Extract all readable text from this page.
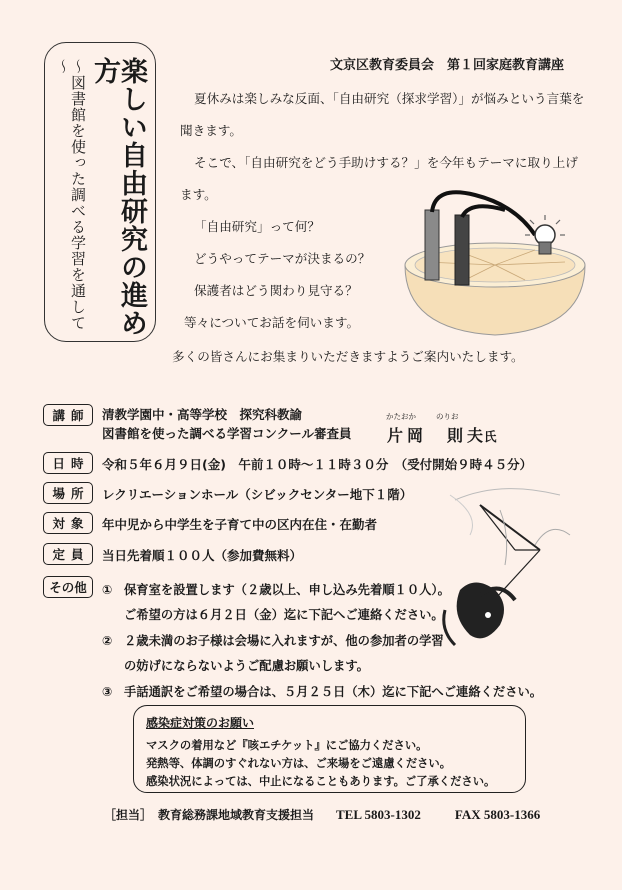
楽しい自由研究の進め方
～図書館を使った調べる学習を通して～	文京区教育委員会　第１回家庭教育講座

夏休みは楽しみな反面、「自由研究（探求学習）」が悩みという言葉を

聞きます。

そこで、「自由研究をどう手助けする？」を今年もテーマに取り上げ

ます。

「自由研究」って何？

どうやってテーマが決まるの？

保護者はどう関わり見守る？

等々についてお話を伺います。

多くの皆さんにお集まりいただきますようご案内いたします。

講師 清教学園中・高等学校　探究科教諭
図書館を使った調べる学習コンクール審査員
かたおか	のりお
片岡　則夫
氏
日時 令和５年６月９日(金)　午前１０時～１１時３０分　（受付開始９時４５分）
場所 レクリエーションホール（シビックセンター地下１階）
対象 年中児から中学生を子育て中の区内在住・在勤者
定員 当日先着順１００人（参加費無料）
その他	① 保育室を設置します（２歳以上、申し込み先着順１０人）。
ご希望の方は６月２日（金）迄に下記へご連絡ください。
② ２歳未満のお子様は会場に入れますが、他の参加者の学習
の妨げにならないようご配慮お願いします。
③ 手話通訳をご希望の場合は、５月２５日（木）迄に下記へご連絡ください。
感染症対策のお願い
マスクの着用など『咳エチケット』にご協力ください。
発熱等、体調のすぐれない方は、ご来場をご遠慮ください。
感染状況によっては、中止になることもあります。ご了承ください。
［担当］　教育総務課地域教育支援担当 TEL 5803-1302	FAX 5803-1366
